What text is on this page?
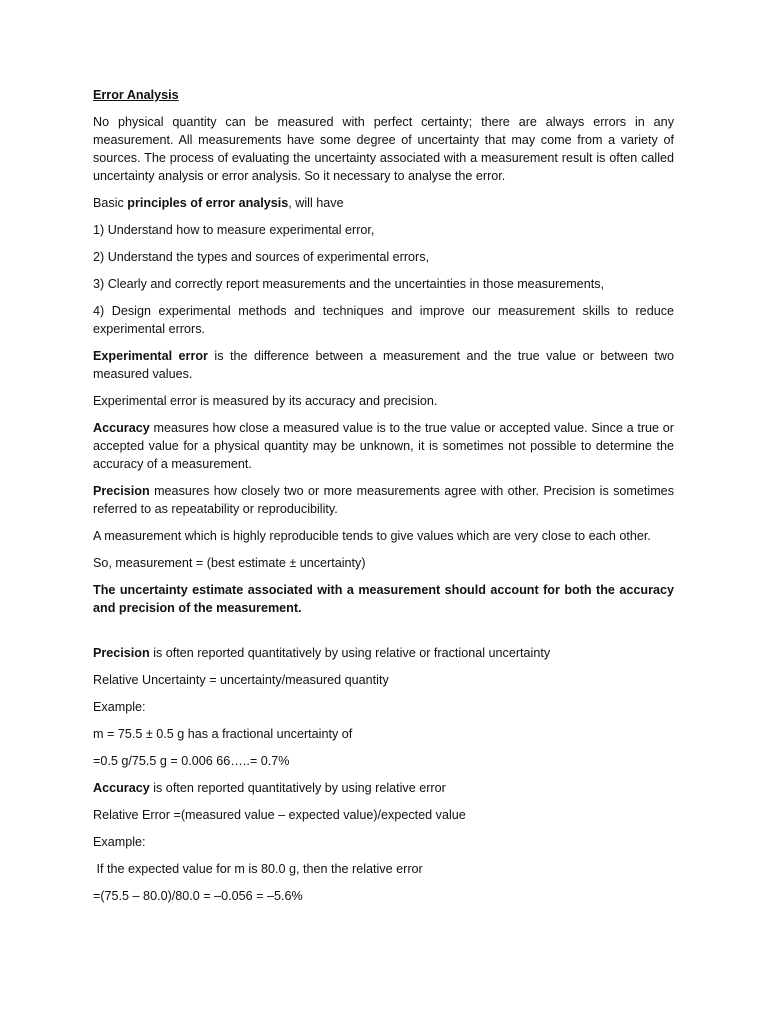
Error Analysis

No physical quantity can be measured with perfect certainty; there are always errors in any measurement. All measurements have some degree of uncertainty that may come from a variety of sources. The process of evaluating the uncertainty associated with a measurement result is often called uncertainty analysis or error analysis. So it necessary to analyse the error.

Basic principles of error analysis, will have

1) Understand how to measure experimental error,

2) Understand the types and sources of experimental errors,

3) Clearly and correctly report measurements and the uncertainties in those measurements,

4) Design experimental methods and techniques and improve our measurement skills to reduce experimental errors.

Experimental error is the difference between a measurement and the true value or between two measured values.

Experimental error is measured by its accuracy and precision.

Accuracy measures how close a measured value is to the true value or accepted value. Since a true or accepted value for a physical quantity may be unknown, it is sometimes not possible to determine the accuracy of a measurement.

Precision measures how closely two or more measurements agree with other. Precision is sometimes referred to as repeatability or reproducibility.

A measurement which is highly reproducible tends to give values which are very close to each other.

So, measurement = (best estimate ± uncertainty)

The uncertainty estimate associated with a measurement should account for both the accuracy and precision of the measurement.

Precision is often reported quantitatively by using relative or fractional uncertainty

Relative Uncertainty = uncertainty/measured quantity

Example:

m = 75.5 ± 0.5 g has a fractional uncertainty of

=0.5 g/75.5 g = 0.006 66…..= 0.7%

Accuracy is often reported quantitatively by using relative error

Relative Error =(measured value – expected value)/expected value

Example:

If the expected value for m is 80.0 g, then the relative error

=(75.5 – 80.0)/80.0 = –0.056 = –5.6%
